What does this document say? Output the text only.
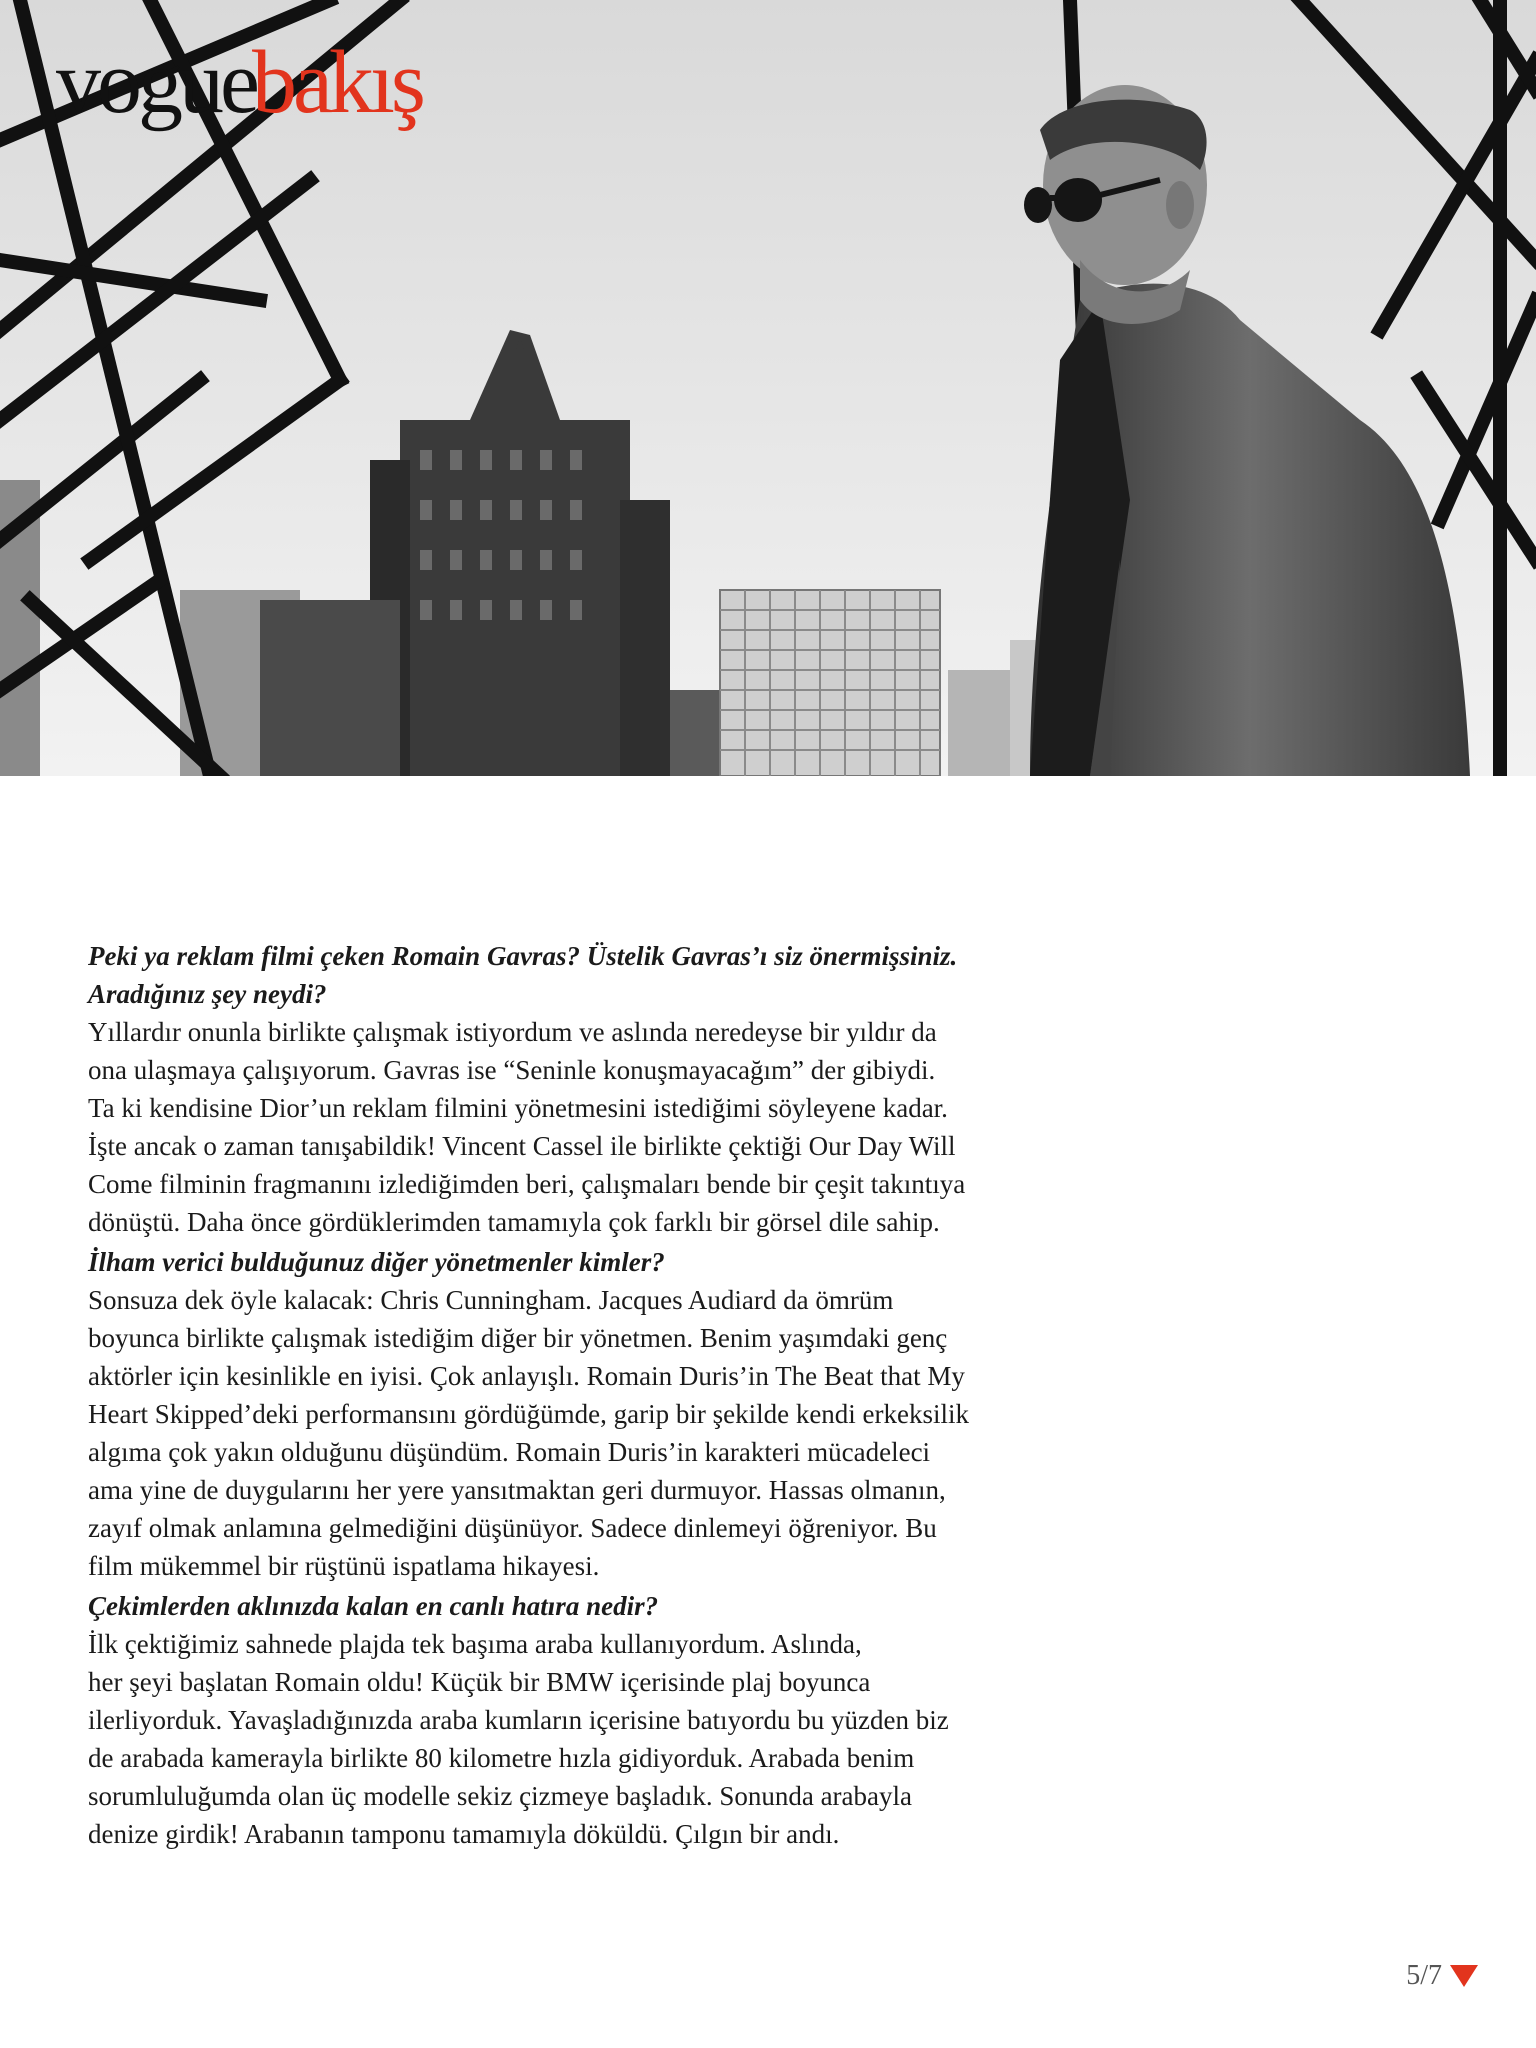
voguebakış

Peki ya reklam filmi çeken Romain Gavras? Üstelik Gavras’ı siz önermişsiniz.
Aradığınız şey neydi?

Yıllardır onunla birlikte çalışmak istiyordum ve aslında neredeyse bir yıldır da
ona ulaşmaya çalışıyorum. Gavras ise “Seninle konuşmayacağım” der gibiydi.
Ta ki kendisine Dior’un reklam filmini yönetmesini istediğimi söyleyene kadar.
İşte ancak o zaman tanışabildik! Vincent Cassel ile birlikte çektiği Our Day Will
Come filminin fragmanını izlediğimden beri, çalışmaları bende bir çeşit takıntıya
dönüştü. Daha önce gördüklerimden tamamıyla çok farklı bir görsel dile sahip.

İlham verici bulduğunuz diğer yönetmenler kimler?

Sonsuza dek öyle kalacak: Chris Cunningham. Jacques Audiard da ömrüm
boyunca birlikte çalışmak istediğim diğer bir yönetmen. Benim yaşımdaki genç
aktörler için kesinlikle en iyisi. Çok anlayışlı. Romain Duris’in The Beat that My
Heart Skipped’deki performansını gördüğümde, garip bir şekilde kendi erkeksilik
algıma çok yakın olduğunu düşündüm. Romain Duris’in karakteri mücadeleci
ama yine de duygularını her yere yansıtmaktan geri durmuyor. Hassas olmanın,
zayıf olmak anlamına gelmediğini düşünüyor. Sadece dinlemeyi öğreniyor. Bu
film mükemmel bir rüştünü ispatlama hikayesi.

Çekimlerden aklınızda kalan en canlı hatıra nedir?

İlk çektiğimiz sahnede plajda tek başıma araba kullanıyordum. Aslında,
her şeyi başlatan Romain oldu! Küçük bir BMW içerisinde plaj boyunca
ilerliyorduk. Yavaşladığınızda araba kumların içerisine batıyordu bu yüzden biz
de arabada kamerayla birlikte 80 kilometre hızla gidiyorduk. Arabada benim
sorumluluğumda olan üç modelle sekiz çizmeye başladık. Sonunda arabayla
denize girdik! Arabanın tamponu tamamıyla döküldü. Çılgın bir andı.

5/7
